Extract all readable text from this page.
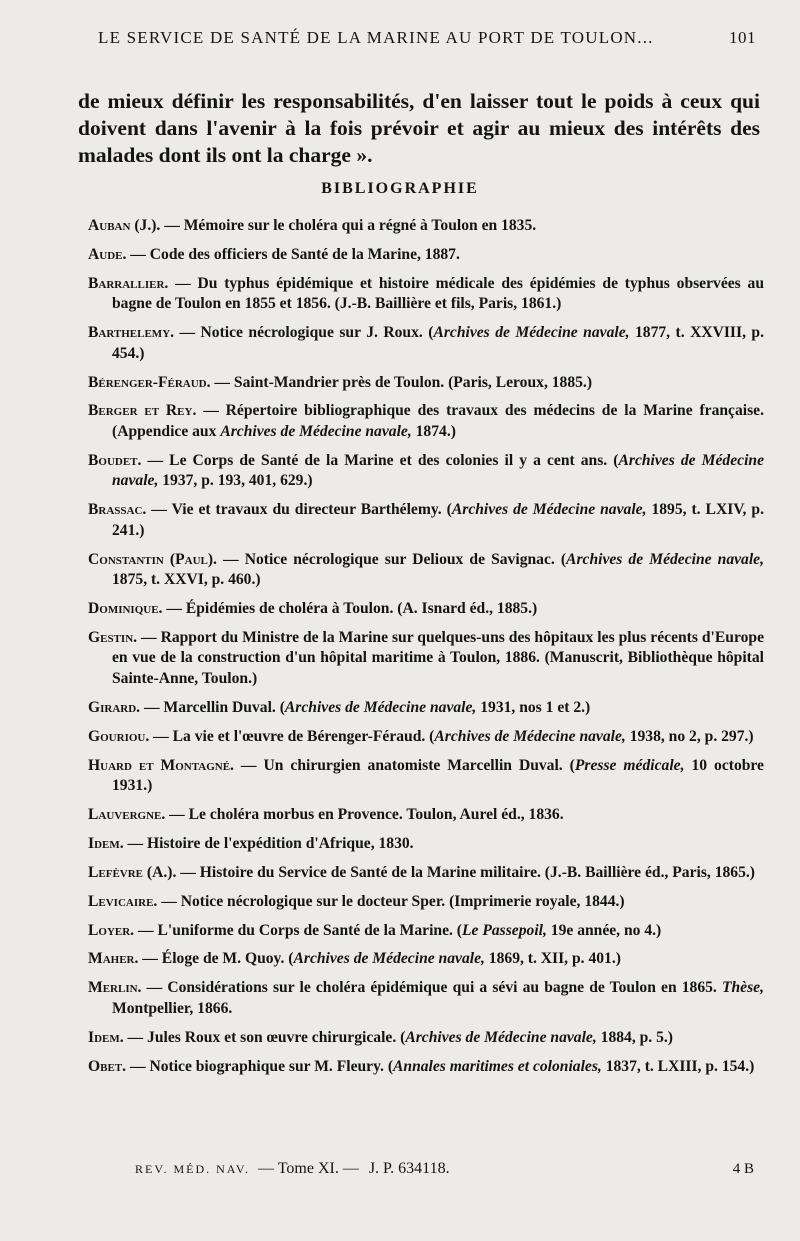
LE SERVICE DE SANTÉ DE LA MARINE AU PORT DE TOULON...	101

de mieux définir les responsabilités, d'en laisser tout le poids à ceux qui doivent dans l'avenir à la fois prévoir et agir au mieux des intérêts des malades dont ils ont la charge ».

BIBLIOGRAPHIE
Auban (J.). — Mémoire sur le choléra qui a régné à Toulon en 1835.
Aude. — Code des officiers de Santé de la Marine, 1887.
Barrallier. — Du typhus épidémique et histoire médicale des épidémies de typhus observées au bagne de Toulon en 1855 et 1856. (J.-B. Baillière et fils, Paris, 1861.)
Barthelemy. — Notice nécrologique sur J. Roux. (Archives de Médecine navale, 1877, t. XXVIII, p. 454.)
Bérenger-Féraud. — Saint-Mandrier près de Toulon. (Paris, Leroux, 1885.)
Berger et Rey. — Répertoire bibliographique des travaux des médecins de la Marine française. (Appendice aux Archives de Médecine navale, 1874.)
Boudet. — Le Corps de Santé de la Marine et des colonies il y a cent ans. (Archives de Médecine navale, 1937, p. 193, 401, 629.)
Brassac. — Vie et travaux du directeur Barthélemy. (Archives de Médecine navale, 1895, t. LXIV, p. 241.)
Constantin (Paul). — Notice nécrologique sur Delioux de Savignac. (Archives de Médecine navale, 1875, t. XXVI, p. 460.)
Dominique. — Épidémies de choléra à Toulon. (A. Isnard éd., 1885.)
Gestin. — Rapport du Ministre de la Marine sur quelques-uns des hôpitaux les plus récents d'Europe en vue de la construction d'un hôpital maritime à Toulon, 1886. (Manuscrit, Bibliothèque hôpital Sainte-Anne, Toulon.)
Girard. — Marcellin Duval. (Archives de Médecine navale, 1931, nos 1 et 2.)
Gouriou. — La vie et l'œuvre de Bérenger-Féraud. (Archives de Médecine navale, 1938, no 2, p. 297.)
Huard et Montagné. — Un chirurgien anatomiste Marcellin Duval. (Presse médicale, 10 octobre 1931.)
Lauvergne. — Le choléra morbus en Provence. Toulon, Aurel éd., 1836.
Idem. — Histoire de l'expédition d'Afrique, 1830.
Lefèvre (A.). — Histoire du Service de Santé de la Marine militaire. (J.-B. Baillière éd., Paris, 1865.)
Levicaire. — Notice nécrologique sur le docteur Sper. (Imprimerie royale, 1844.)
Loyer. — L'uniforme du Corps de Santé de la Marine. (Le Passepoil, 19e année, no 4.)
Maher. — Éloge de M. Quoy. (Archives de Médecine navale, 1869, t. XII, p. 401.)
Merlin. — Considérations sur le choléra épidémique qui a sévi au bagne de Toulon en 1865. Thèse, Montpellier, 1866.
Idem. — Jules Roux et son œuvre chirurgicale. (Archives de Médecine navale, 1884, p. 5.)
Obet. — Notice biographique sur M. Fleury. (Annales maritimes et coloniales, 1837, t. LXIII, p. 154.)
REV. MÉD. NAV. — Tome XI. — J. P. 634118.	4 B
